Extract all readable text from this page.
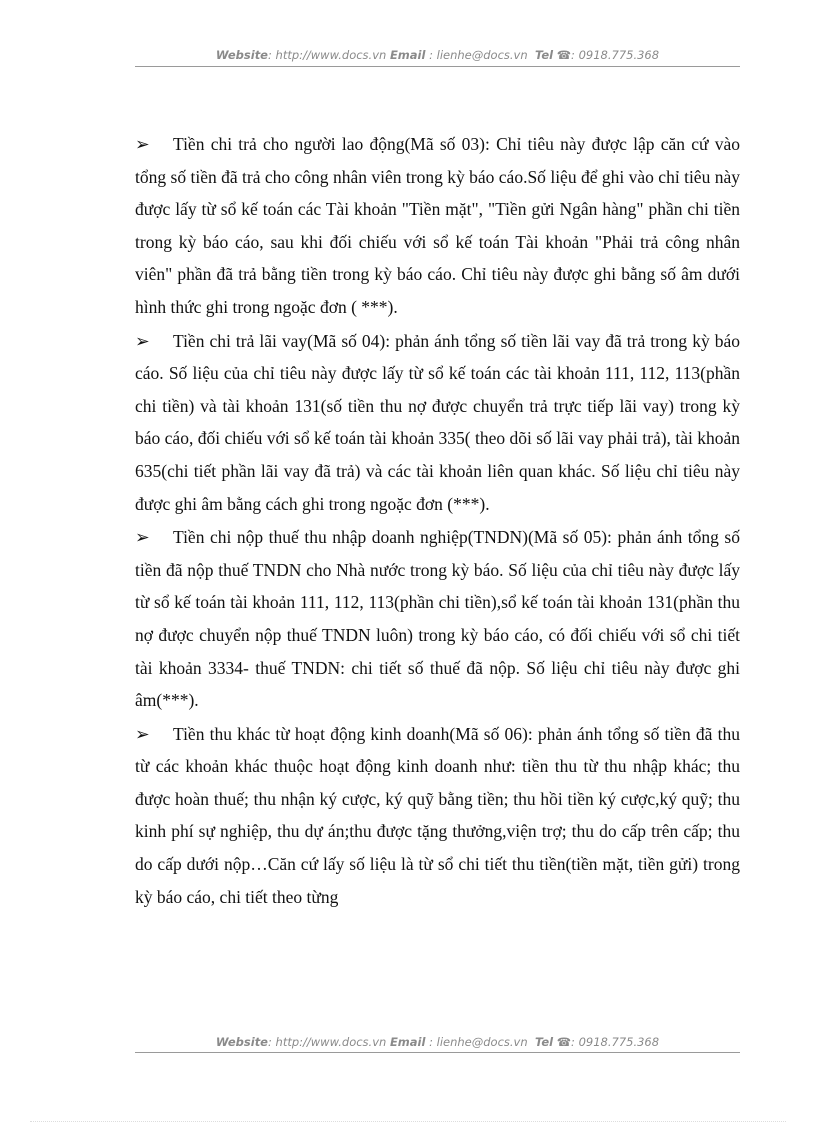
Website: http://www.docs.vn Email : lienhe@docs.vn Tel ☎: 0918.775.368

➢ Tiền chi trả cho người lao động(Mã số 03): Chỉ tiêu này được lập căn cứ vào tổng số tiền đã trả cho công nhân viên trong kỳ báo cáo.Số liệu để ghi vào chỉ tiêu này được lấy từ sổ kế toán các Tài khoản "Tiền mặt", "Tiền gửi Ngân hàng" phần chi tiền trong kỳ báo cáo, sau khi đối chiếu với sổ kế toán Tài khoản "Phải trả công nhân viên" phần đã trả bằng tiền trong kỳ báo cáo. Chỉ tiêu này được ghi bằng số âm dưới hình thức ghi trong ngoặc đơn ( ***).

➢ Tiền chi trả lãi vay(Mã số 04): phản ánh tổng số tiền lãi vay đã trả trong kỳ báo cáo. Số liệu của chỉ tiêu này được lấy từ sổ kế toán các tài khoản 111, 112, 113(phần chi tiền) và tài khoản 131(số tiền thu nợ được chuyển trả trực tiếp lãi vay) trong kỳ báo cáo, đối chiếu với sổ kế toán tài khoản 335( theo dõi số lãi vay phải trả), tài khoản 635(chi tiết phần lãi vay đã trả) và các tài khoản liên quan khác. Số liệu chỉ tiêu này được ghi âm bằng cách ghi trong ngoặc đơn (***).

➢ Tiền chi nộp thuế thu nhập doanh nghiệp(TNDN)(Mã số 05): phản ánh tổng số tiền đã nộp thuế TNDN cho Nhà nước trong kỳ báo. Số liệu của chỉ tiêu này được lấy từ sổ kế toán tài khoản 111, 112, 113(phần chi tiền),sổ kế toán tài khoản 131(phần thu nợ được chuyển nộp thuế TNDN luôn) trong kỳ báo cáo, có đối chiếu với sổ chi tiết tài khoản 3334- thuế TNDN: chi tiết số thuế đã nộp. Số liệu chỉ tiêu này được ghi âm(***).

➢ Tiền thu khác từ hoạt động kinh doanh(Mã số 06): phản ánh tổng số tiền đã thu từ các khoản khác thuộc hoạt động kinh doanh như: tiền thu từ thu nhập khác; thu được hoàn thuế; thu nhận ký cược, ký quỹ bằng tiền; thu hồi tiền ký cược,ký quỹ; thu kinh phí sự nghiệp, thu dự án;thu được tặng thưởng,viện trợ; thu do cấp trên cấp; thu do cấp dưới nộp…Căn cứ lấy số liệu là từ sổ chi tiết thu tiền(tiền mặt, tiền gửi) trong kỳ báo cáo, chi tiết theo từng

Website: http://www.docs.vn Email : lienhe@docs.vn Tel ☎: 0918.775.368
